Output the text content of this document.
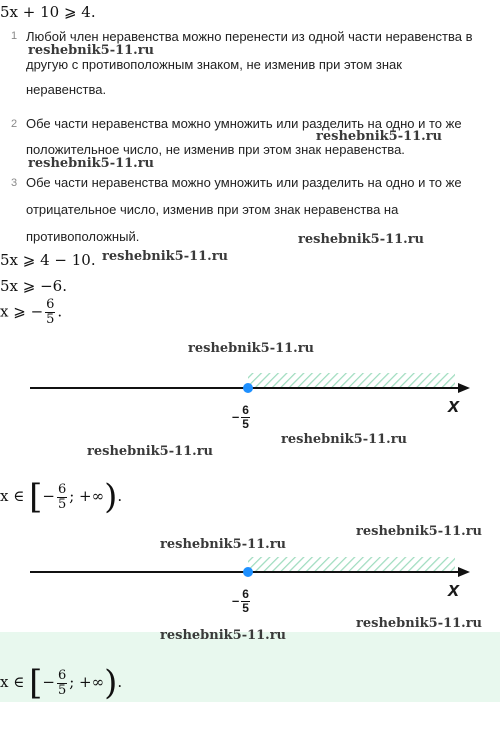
5x + 10 ⩾ 4.
1 Любой член неравенства можно перенести из одной части неравенства в
другую с противоположным знаком, не изменив при этом знак
неравенства.
2 Обе части неравенства можно умножить или разделить на одно и то же
положительное число, не изменив при этом знак неравенства.
3 Обе части неравенства можно умножить или разделить на одно и то же
отрицательное число, изменив при этом знак неравенства на
противоположный.
5x ⩾ 4 − 10.
5x ⩾ −6.
x ⩾ − $\frac{6}{5}$ .
x
– $\frac{6}{5}$
x ∈ [− $\frac{6}{5}$ ; +∞).
x
– $\frac{6}{5}$
x ∈ [− $\frac{6}{5}$ ; +∞).
reshebnik5-11.ru
reshebnik5-11.ru
reshebnik5-11.ru
reshebnik5-11.ru
reshebnik5-11.ru
reshebnik5-11.ru
reshebnik5-11.ru
reshebnik5-11.ru
reshebnik5-11.ru
reshebnik5-11.ru
reshebnik5-11.ru
reshebnik5-11.ru
